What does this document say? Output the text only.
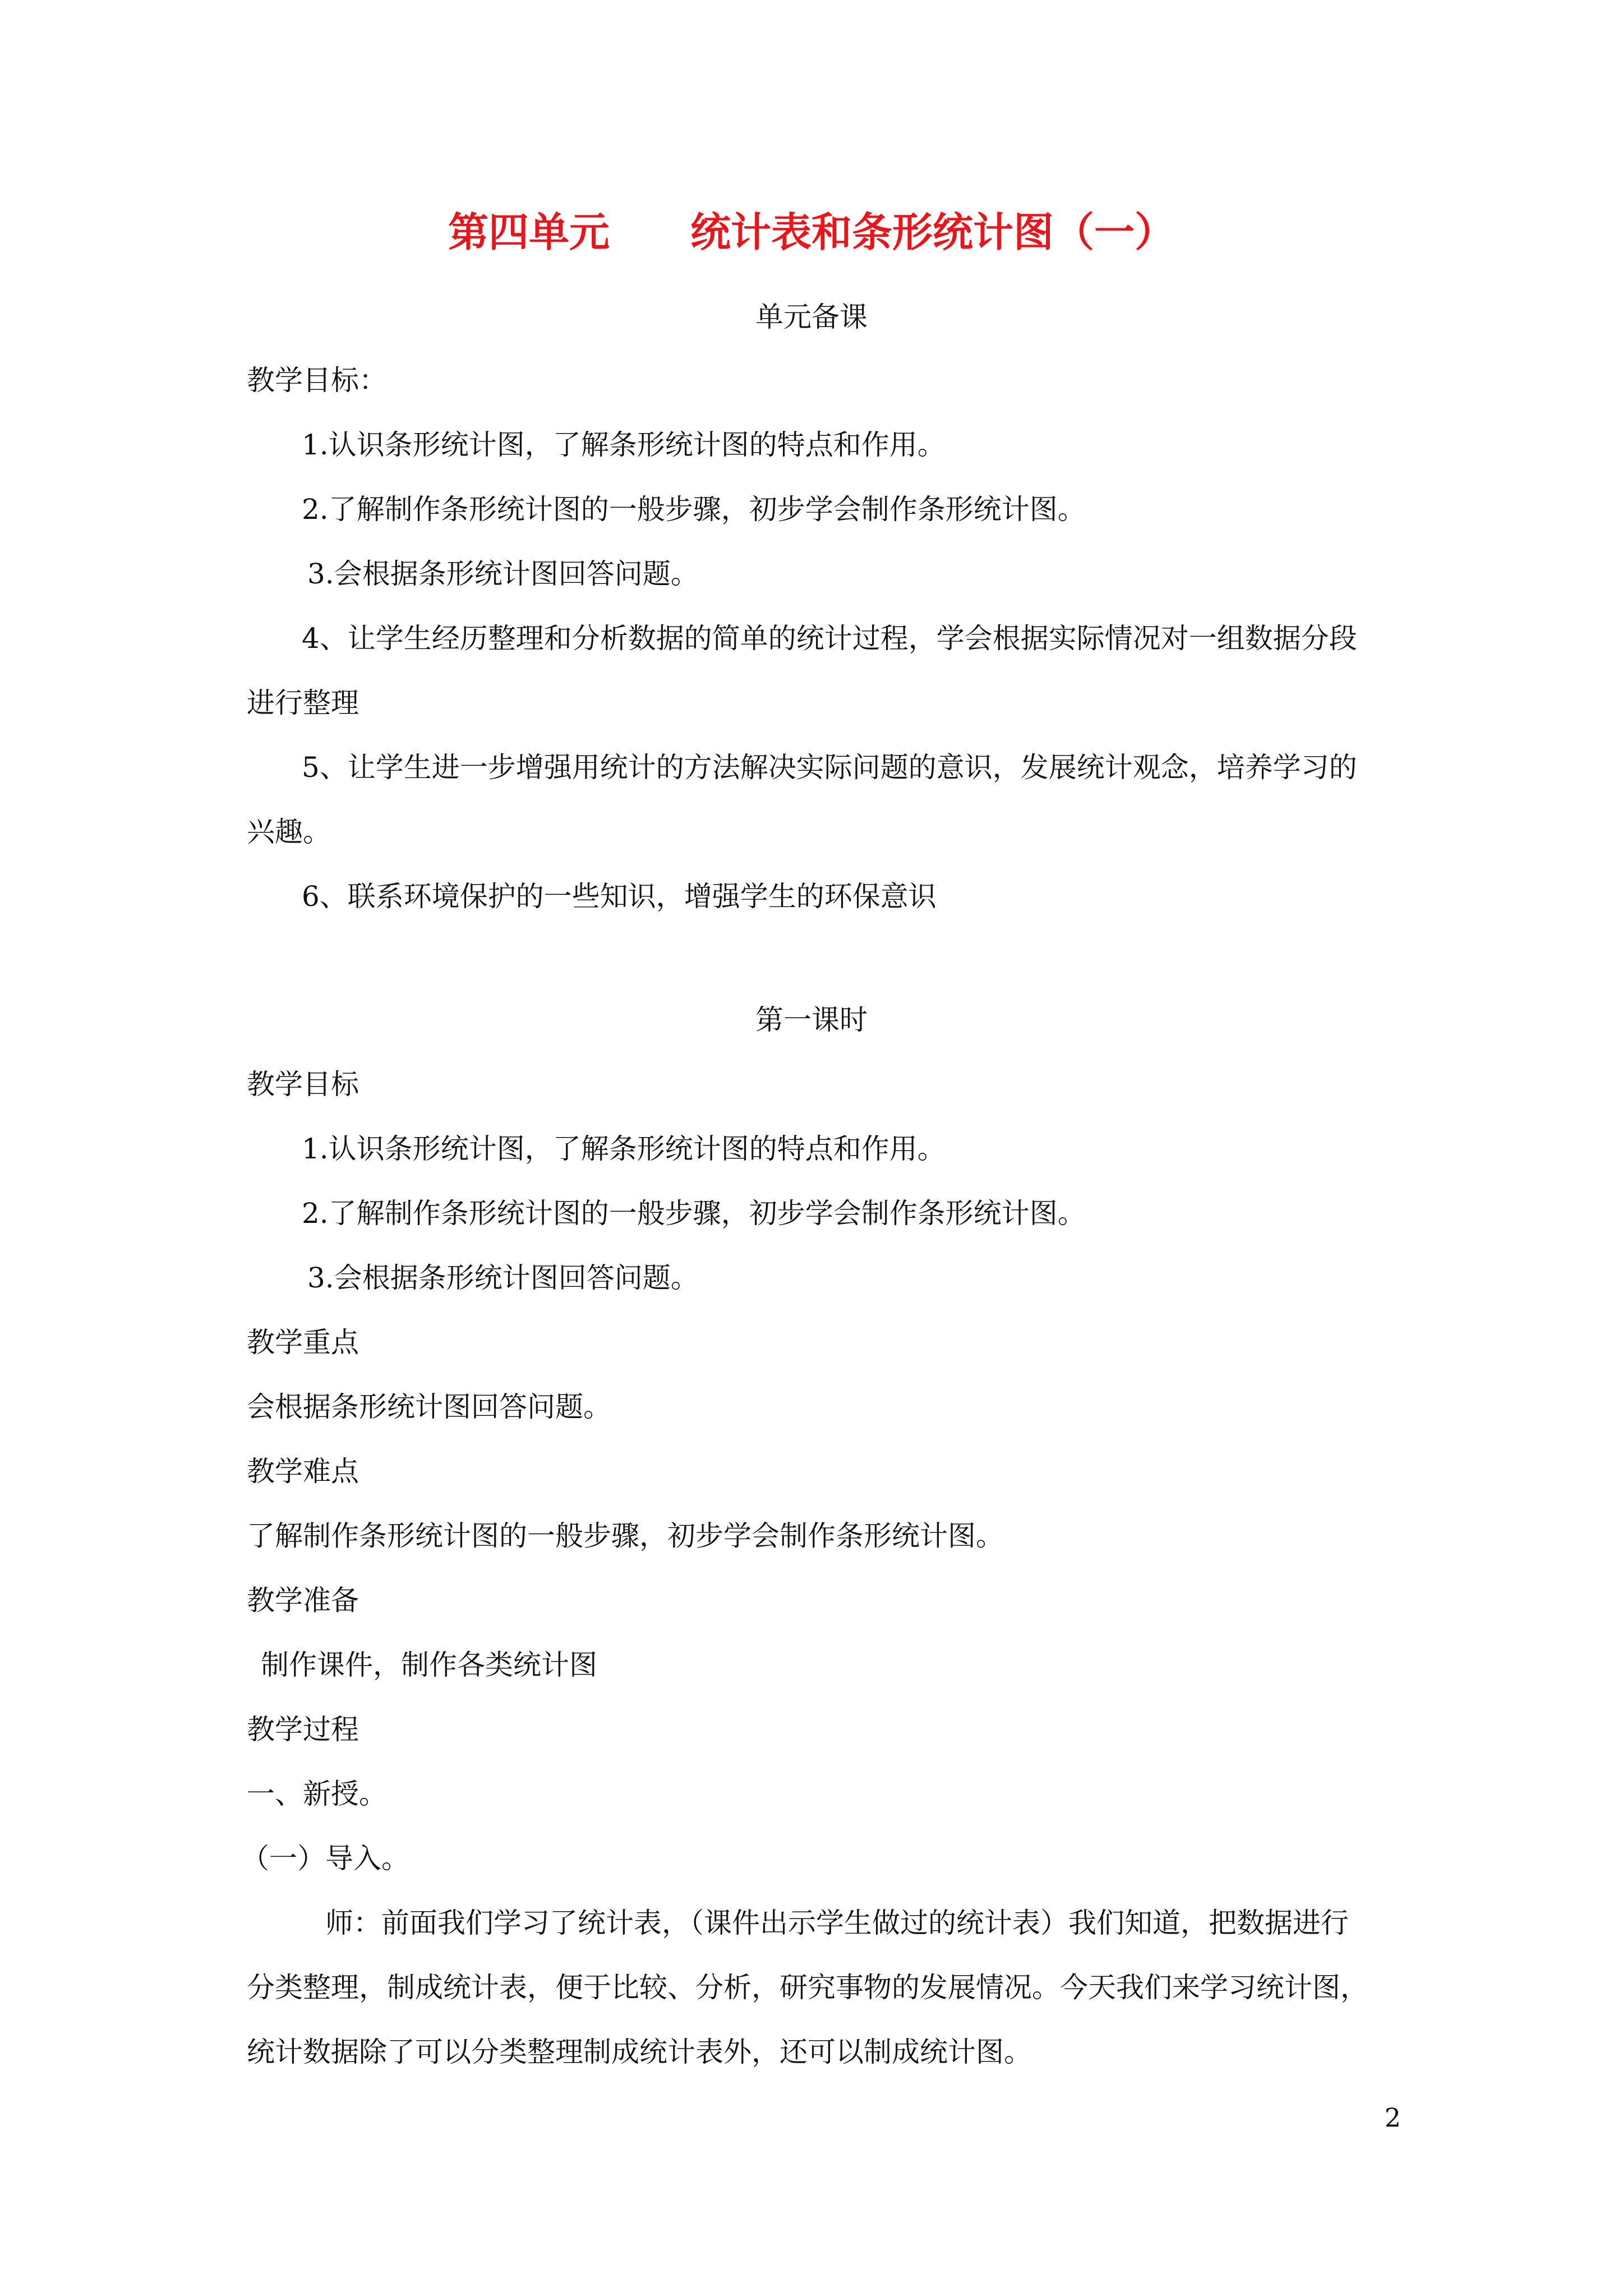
第四单元　　统计表和条形统计图（一）
单元备课
教学目标：
1.认识条形统计图，了解条形统计图的特点和作用。
2.了解制作条形统计图的一般步骤，初步学会制作条形统计图。
3.会根据条形统计图回答问题。
4、让学生经历整理和分析数据的简单的统计过程，学会根据实际情况对一组数据分段
进行整理
5、让学生进一步增强用统计的方法解决实际问题的意识，发展统计观念，培养学习的
兴趣。
6、联系环境保护的一些知识，增强学生的环保意识
第一课时
教学目标
1.认识条形统计图，了解条形统计图的特点和作用。
2.了解制作条形统计图的一般步骤，初步学会制作条形统计图。
3.会根据条形统计图回答问题。
教学重点
会根据条形统计图回答问题。
教学难点
了解制作条形统计图的一般步骤，初步学会制作条形统计图。
教学准备
制作课件，制作各类统计图
教学过程
一、新授。
（一）导入。
师：前面我们学习了统计表，（课件出示学生做过的统计表）我们知道，把数据进行
分类整理，制成统计表，便于比较、分析，研究事物的发展情况。今天我们来学习统计图，
统计数据除了可以分类整理制成统计表外，还可以制成统计图。
2
